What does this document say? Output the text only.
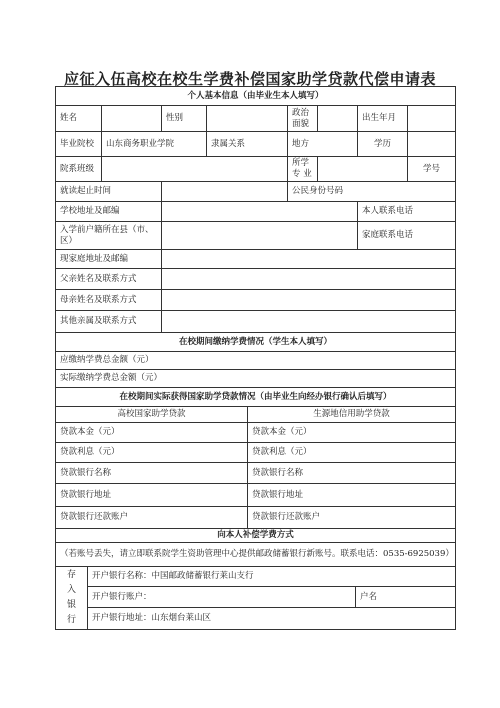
应征入伍高校在校生学费补偿国家助学贷款代偿申请表
个人基本信息（由毕业生本人填写）							
姓名		性别		政治面貌		出生年月	
毕业院校	山东商务职业学院		隶属关系	地方		学历	
院系班级				所学专 业			学号
就读起止时间				公民身份号码			
学校地址及邮编						本人联系电话	
入学前户籍所在县（市、区）						家庭联系电话	
现家庭地址及邮编							
父亲姓名及联系方式							
母亲姓名及联系方式							
其他亲属及联系方式							
在校期间缴纳学费情况（学生本人填写）	
应缴纳学费总金额（元）	
实际缴纳学费总金额（元）	
在校期间实际获得国家助学贷款情况（由毕业生向经办银行确认后填写）	
高校国家助学贷款	生源地信用助学贷款
贷款本金（元）	贷款本金（元）
贷款利息（元）	贷款利息（元）
贷款银行名称	贷款银行名称
贷款银行地址	贷款银行地址
贷款银行还款账户	贷款银行还款账户
向本人补偿学费方式		
（若账号丢失，请立即联系院学生资助管理中心提供邮政储蓄银行新账号。联系电话：0535-6925039）		

存入银行	开户银行名称：中国邮政储蓄银行莱山支行	
	开户银行账户：	户名
	开户银行地址：山东烟台莱山区	
